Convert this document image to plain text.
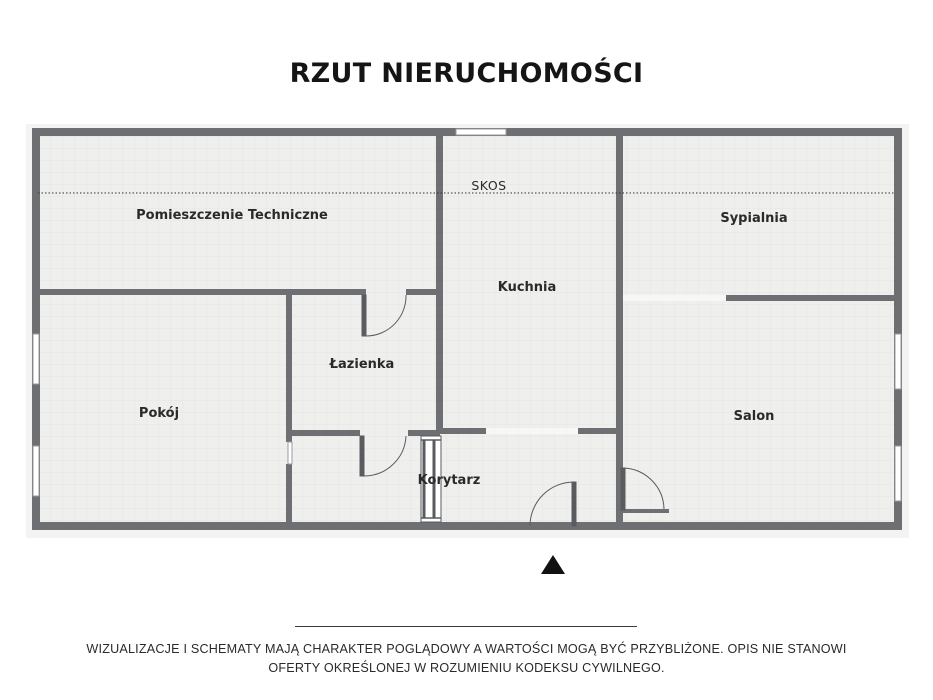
RZUT NIERUCHOMOŚCI
SKOS
Pomieszczenie Techniczne
Kuchnia
Sypialnia
Łazienka
Pokój	Salon
Korytarz
WIZUALIZACJE I SCHEMATY MAJĄ CHARAKTER POGLĄDOWY A WARTOŚCI MOGĄ BYĆ PRZYBLIŻONE. OPIS NIE STANOWI
OFERTY OKREŚLONEJ W ROZUMIENIU KODEKSU CYWILNEGO.
